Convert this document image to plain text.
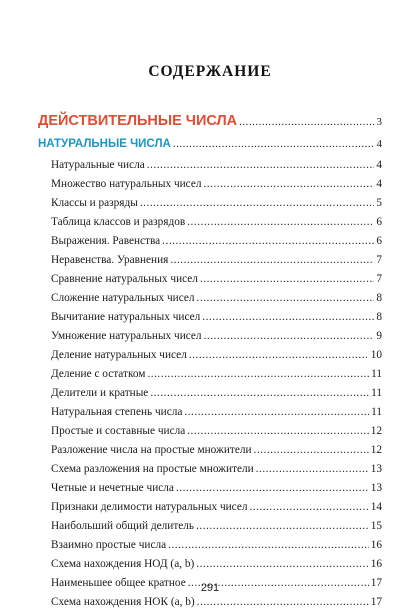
СОДЕРЖАНИЕ
ДЕЙСТВИТЕЛЬНЫЕ ЧИСЛА .....	3
НАТУРАЛЬНЫЕ ЧИСЛА .....	4
Натуральные числа .....	4
Множество натуральных чисел .....	4
Классы и разряды .....	5
Таблица классов и разрядов .....	6
Выражения. Равенства .....	6
Неравенства. Уравнения .....	7
Сравнение натуральных чисел .....	7
Сложение натуральных чисел .....	8
Вычитание натуральных чисел .....	8
Умножение натуральных чисел .....	9
Деление натуральных чисел .....	10
Деление с остатком .....	11
Делители и кратные .....	11
Натуральная степень числа .....	11
Простые и составные числа .....	12
Разложение числа на простые множители .....	12
Схема разложения на простые множители .....	13
Четные и нечетные числа .....	13
Признаки делимости натуральных чисел .....	14
Наибольший общий делитель .....	15
Взаимно простые числа .....	16
Схема нахождения НОД (a, b) .....	16
Наименьшее общее кратное .....	17
Схема нахождения НОК (a, b) .....	17
291
